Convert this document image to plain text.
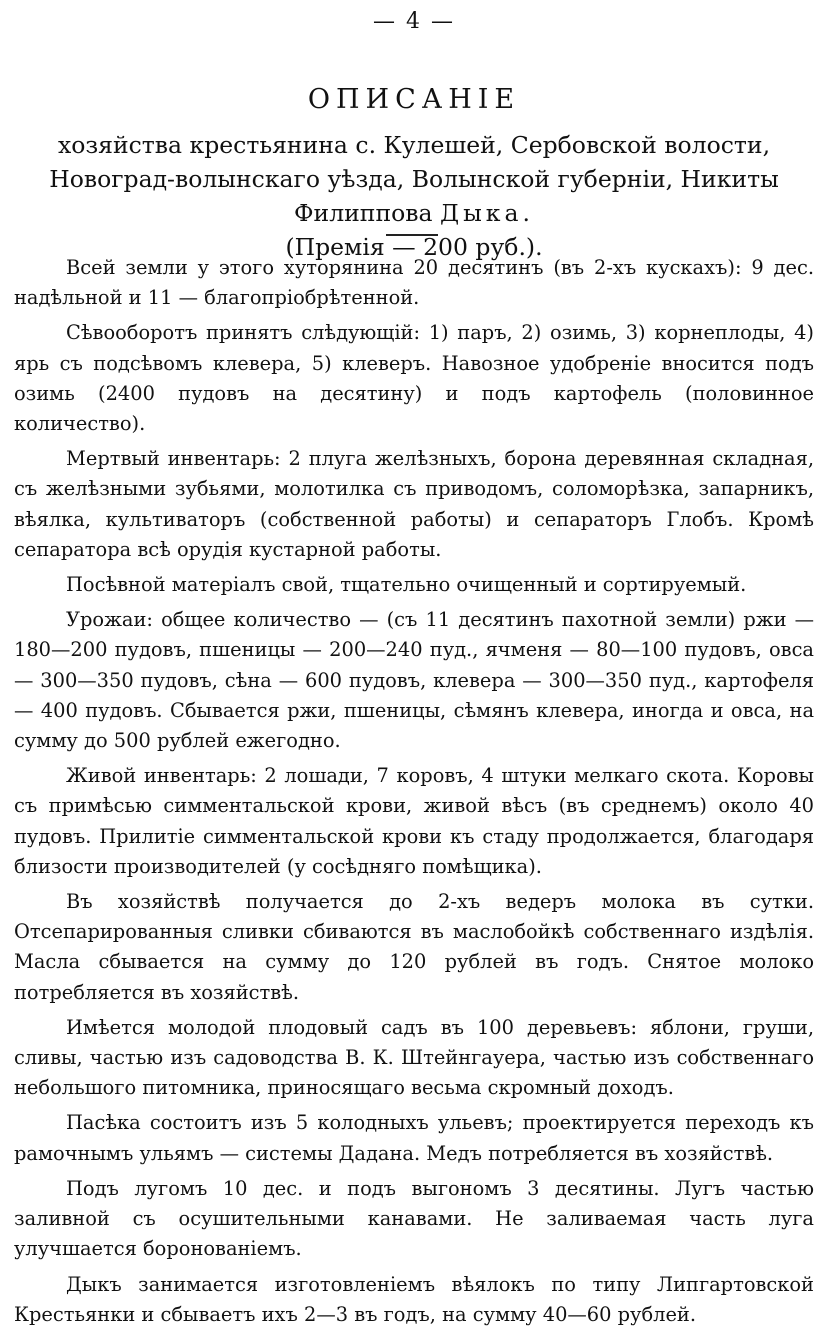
— 4 —
ОПИСАНІЕ
хозяйства крестьянина с. Кулешей, Сербовской волости, Новоград-волынскаго уѣзда, Волынской губерніи, Никиты Филиппова Дыка.
(Премія — 200 руб.).

Всей земли у этого хуторянина 20 десятинъ (въ 2-хъ кускахъ): 9 дес. надѣльной и 11 — благопріобрѣтенной.

Сѣвооборотъ принятъ слѣдующій: 1) паръ, 2) озимь, 3) корнеплоды, 4) ярь съ подсѣвомъ клевера, 5) клеверъ. Навозное удобреніе вносится подъ озимь (2400 пудовъ на десятину) и подъ картофель (половинное количество).

Мертвый инвентарь: 2 плуга желѣзныхъ, борона деревянная складная, съ желѣзными зубьями, молотилка съ приводомъ, соломорѣзка, запарникъ, вѣялка, культиваторъ (собственной работы) и сепараторъ Глобъ. Кромѣ сепаратора всѣ орудія кустарной работы.

Посѣвной матеріалъ свой, тщательно очищенный и сортируемый.

Урожаи: общее количество — (съ 11 десятинъ пахотной земли) ржи — 180—200 пудовъ, пшеницы — 200—240 пуд., ячменя — 80—100 пудовъ, овса — 300—350 пудовъ, сѣна — 600 пудовъ, клевера — 300—350 пуд., картофеля — 400 пудовъ. Сбывается ржи, пшеницы, сѣмянъ клевера, иногда и овса, на сумму до 500 рублей ежегодно.

Живой инвентарь: 2 лошади, 7 коровъ, 4 штуки мелкаго скота. Коровы съ примѣсью симментальской крови, живой вѣсъ (въ среднемъ) около 40 пудовъ. Прилитіе симментальской крови къ стаду продолжается, благодаря близости производителей (у сосѣдняго помѣщика).

Въ хозяйствѣ получается до 2-хъ ведеръ молока въ сутки. Отсепарированныя сливки сбиваются въ маслобойкѣ собственнаго издѣлія. Масла сбывается на сумму до 120 рублей въ годъ. Снятое молоко потребляется въ хозяйствѣ.

Имѣется молодой плодовый садъ въ 100 деревьевъ: яблони, груши, сливы, частью изъ садоводства В. К. Штейнгауера, частью изъ собственнаго небольшого питомника, приносящаго весьма скромный доходъ.

Пасѣка состоитъ изъ 5 колодныхъ ульевъ; проектируется переходъ къ рамочнымъ ульямъ — системы Дадана. Медъ потребляется въ хозяйствѣ.

Подъ лугомъ 10 дес. и подъ выгономъ 3 десятины. Лугъ частью заливной съ осушительными канавами. Не заливаемая часть луга улучшается боронованіемъ.

Дыкъ занимается изготовленіемъ вѣялокъ по типу Липгартовской Крестьянки и сбываетъ ихъ 2—3 въ годъ, на сумму 40—60 рублей.
